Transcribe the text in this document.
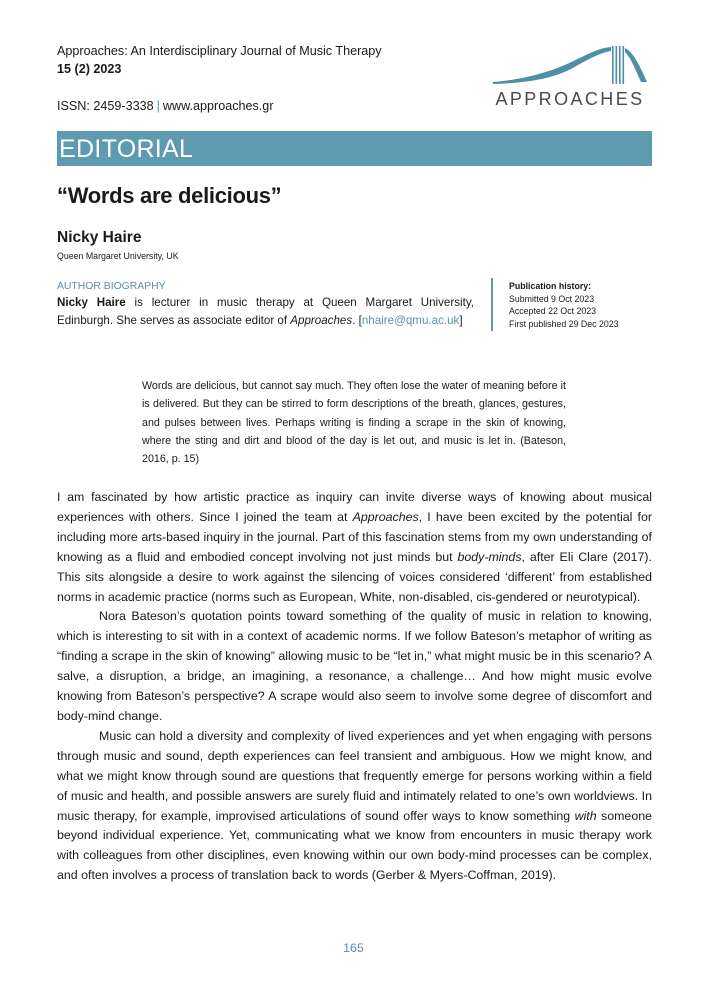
Approaches: An Interdisciplinary Journal of Music Therapy
15 (2) 2023
ISSN: 2459-3338 | www.approaches.gr	APPROACHES
EDITORIAL
“Words are delicious”
Nicky Haire
Queen Margaret University, UK
AUTHOR BIOGRAPHY
Nicky Haire is lecturer in music therapy at Queen Margaret University, Edinburgh. She serves as associate editor of Approaches. [nhaire@qmu.ac.uk]
Publication history:
Submitted 9 Oct 2023
Accepted 22 Oct 2023
First published 29 Dec 2023
Words are delicious, but cannot say much. They often lose the water of meaning before it is delivered. But they can be stirred to form descriptions of the breath, glances, gestures, and pulses between lives. Perhaps writing is finding a scrape in the skin of knowing, where the sting and dirt and blood of the day is let out, and music is let in. (Bateson, 2016, p. 15)

I am fascinated by how artistic practice as inquiry can invite diverse ways of knowing about musical experiences with others. Since I joined the team at Approaches, I have been excited by the potential for including more arts-based inquiry in the journal. Part of this fascination stems from my own understanding of knowing as a fluid and embodied concept involving not just minds but body-minds, after Eli Clare (2017). This sits alongside a desire to work against the silencing of voices considered ‘different’ from established norms in academic practice (norms such as European, White, non-disabled, cis-gendered or neurotypical).

Nora Bateson’s quotation points toward something of the quality of music in relation to knowing, which is interesting to sit with in a context of academic norms. If we follow Bateson’s metaphor of writing as “finding a scrape in the skin of knowing” allowing music to be “let in,” what might music be in this scenario? A salve, a disruption, a bridge, an imagining, a resonance, a challenge… And how might music evolve knowing from Bateson’s perspective? A scrape would also seem to involve some degree of discomfort and body-mind change.

Music can hold a diversity and complexity of lived experiences and yet when engaging with persons through music and sound, depth experiences can feel transient and ambiguous. How we might know, and what we might know through sound are questions that frequently emerge for persons working within a field of music and health, and possible answers are surely fluid and intimately related to one’s own worldviews. In music therapy, for example, improvised articulations of sound offer ways to know something with someone beyond individual experience. Yet, communicating what we know from encounters in music therapy work with colleagues from other disciplines, even knowing within our own body-mind processes can be complex, and often involves a process of translation back to words (Gerber & Myers-Coffman, 2019).

165
